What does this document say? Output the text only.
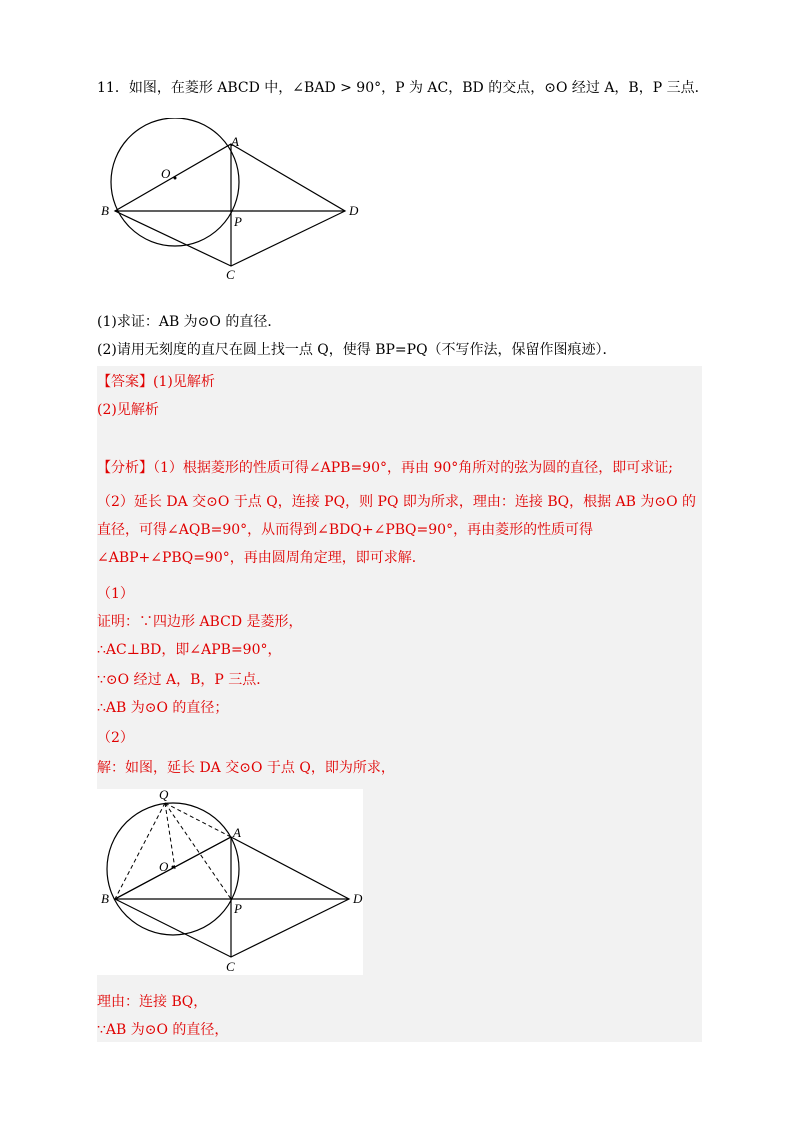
11．如图，在菱形 ABCD 中，∠BAD > 90°，P 为 AC，BD 的交点，⊙O 经过 A，B，P 三点．
A
B
C
D
P
O
(1)求证：AB 为⊙O 的直径．
(2)请用无刻度的直尺在圆上找一点 Q，使得 BP=PQ（不写作法，保留作图痕迹）．
【答案】(1)见解析
(2)见解析
【分析】（1）根据菱形的性质可得∠APB=90°，再由 90°角所对的弦为圆的直径，即可求证;
（2）延长 DA 交⊙O 于点 Q，连接 PQ，则 PQ 即为所求，理由：连接 BQ，根据 AB 为⊙O 的直径，可得∠AQB=90°，从而得到∠BDQ+∠PBQ=90°，再由菱形的性质可得∠ABP+∠PBQ=90°，再由圆周角定理，即可求解．
（1）
证明：∵四边形 ABCD 是菱形，
∴AC⊥BD，即∠APB=90°，
∵⊙O 经过 A，B，P 三点．
∴AB 为⊙O 的直径；
（2）
解：如图，延长 DA 交⊙O 于点 Q，即为所求，
Q
A
B
C
D
P
O
理由：连接 BQ，
∵AB 为⊙O 的直径，
